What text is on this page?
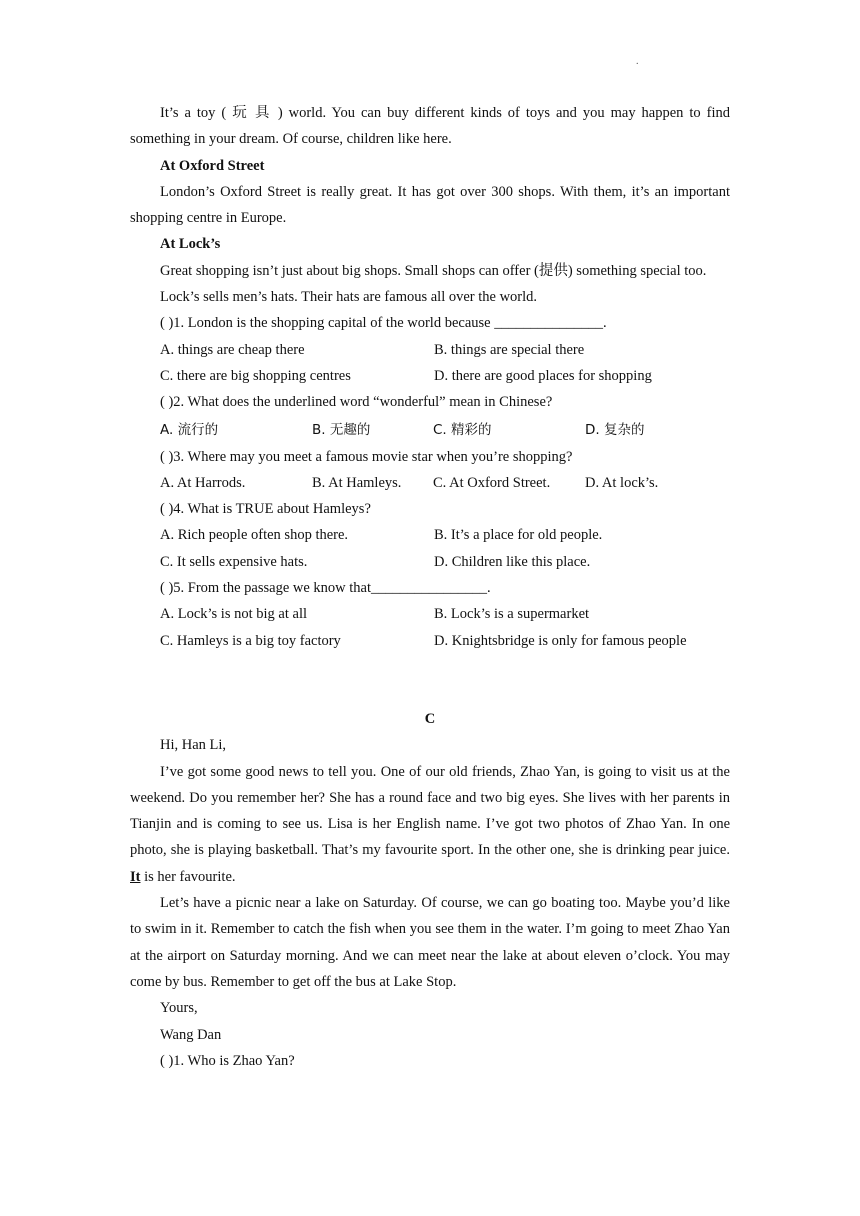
.

It’s a toy ( 玩 具 ) world. You can buy different kinds of toys and you may happen to find something in your dream. Of course, children like here.

At Oxford Street

London’s Oxford Street is really great. It has got over 300 shops. With them, it’s an important shopping centre in Europe.

At Lock’s

Great shopping isn’t just about big shops. Small shops can offer (提供) something special too.

Lock’s sells men’s hats. Their hats are famous all over the world.

( )1. London is the shopping capital of the world because _______________.

A. things are cheap there	B. things are special there
C. there are big shopping centres	D. there are good places for shopping

( )2. What does the underlined word “wonderful” mean in Chinese?

A. 流行的	B. 无趣的	C. 精彩的	D. 复杂的

( )3. Where may you meet a famous movie star when you’re shopping?

A. At Harrods.	B. At Hamleys.	C. At Oxford Street.	D. At lock’s.

( )4. What is TRUE about Hamleys?

A. Rich people often shop there.	B. It’s a place for old people.
C. It sells expensive hats.	D. Children like this place.

( )5. From the passage we know that________________.

A. Lock’s is not big at all	B. Lock’s is a supermarket
C. Hamleys is a big toy factory	D. Knightsbridge is only for famous people

C

Hi, Han Li,

I’ve got some good news to tell you. One of our old friends, Zhao Yan, is going to visit us at the weekend. Do you remember her? She has a round face and two big eyes. She lives with her parents in Tianjin and is coming to see us. Lisa is her English name. I’ve got two photos of Zhao Yan. In one photo, she is playing basketball. That’s my favourite sport. In the other one, she is drinking pear juice. It is her favourite.

Let’s have a picnic near a lake on Saturday. Of course, we can go boating too. Maybe you’d like to swim in it. Remember to catch the fish when you see them in the water. I’m going to meet Zhao Yan at the airport on Saturday morning. And we can meet near the lake at about eleven o’clock. You may come by bus. Remember to get off the bus at Lake Stop.

Yours,

Wang Dan

( )1. Who is Zhao Yan?
